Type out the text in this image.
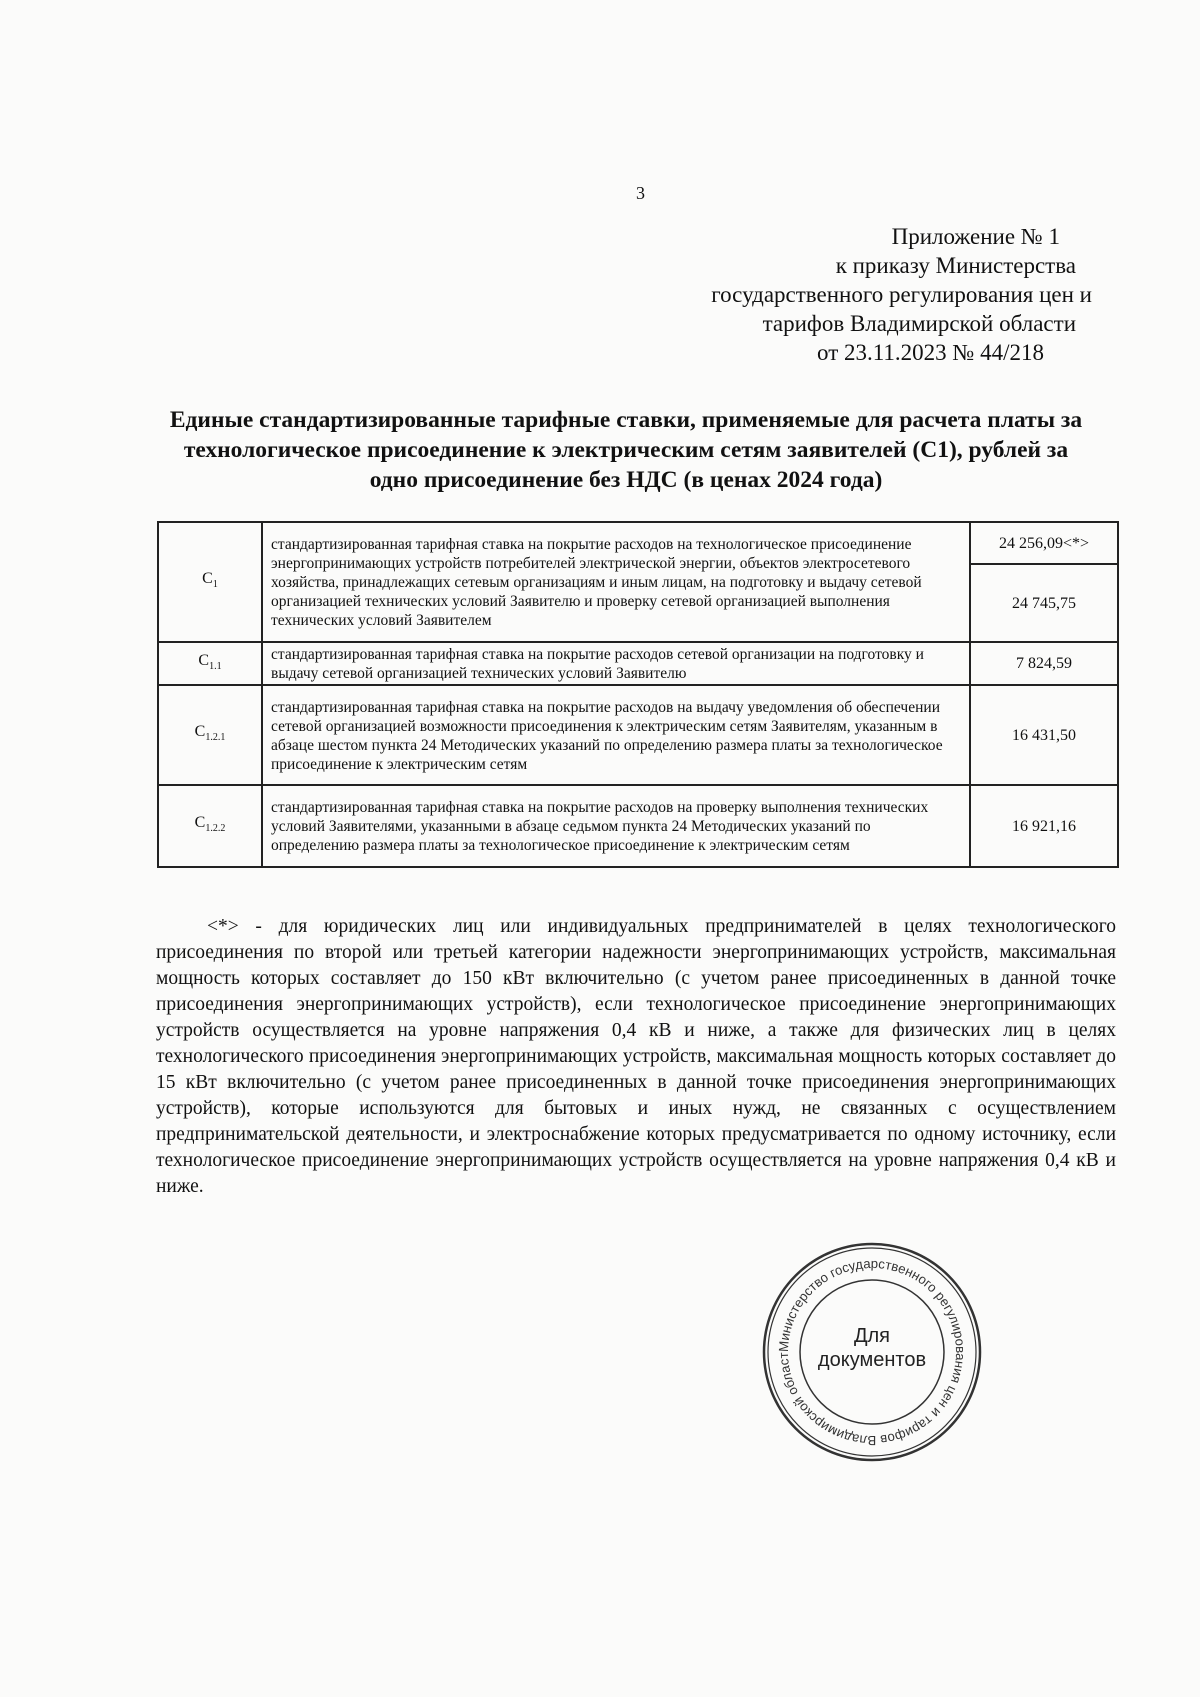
3
Приложение № 1
к приказу Министерства
государственного регулирования цен и
тарифов Владимирской области
от 23.11.2023 № 44/218
Единые стандартизированные тарифные ставки, применяемые для расчета платы за технологическое присоединение к электрическим сетям заявителей (С1), рублей за одно присоединение без НДС (в ценах 2024 года)
$C_1$	стандартизированная тарифная ставка на покрытие расходов на технологическое присоединение энергопринимающих устройств потребителей электрической энергии, объектов электросетевого хозяйства, принадлежащих сетевым организациям и иным лицам, на подготовку и выдачу сетевой организацией технических условий Заявителю и проверку сетевой организацией выполнения технических условий Заявителем	24 256,09<*>
		24 745,75
$C_{1.1}$	стандартизированная тарифная ставка на покрытие расходов сетевой организации на подготовку и выдачу сетевой организацией технических условий Заявителю	7 824,59
$C_{1.2.1}$	стандартизированная тарифная ставка на покрытие расходов на выдачу уведомления об обеспечении сетевой организацией возможности присоединения к электрическим сетям Заявителям, указанным в абзаце шестом пункта 24 Методических указаний по определению размера платы за технологическое присоединение к электрическим сетям	16 431,50
$C_{1.2.2}$	стандартизированная тарифная ставка на покрытие расходов на проверку выполнения технических условий Заявителями, указанными в абзаце седьмом пункта 24 Методических указаний по определению размера платы за технологическое присоединение к электрическим сетям	16 921,16
<*> - для юридических лиц или индивидуальных предпринимателей в целях технологического присоединения по второй или третьей категории надежности энергопринимающих устройств, максимальная мощность которых составляет до 150 кВт включительно (с учетом ранее присоединенных в данной точке присоединения энергопринимающих устройств), если технологическое присоединение энергопринимающих устройств осуществляется на уровне напряжения 0,4 кВ и ниже, а также для физических лиц в целях технологического присоединения энергопринимающих устройств, максимальная мощность которых составляет до 15 кВт включительно (с учетом ранее присоединенных в данной точке присоединения энергопринимающих устройств), которые используются для бытовых и иных нужд, не связанных с осуществлением предпринимательской деятельности, и электроснабжение которых предусматривается по одному источнику, если технологическое присоединение энергопринимающих устройств осуществляется на уровне напряжения 0,4 кВ и ниже.
Министерство государственного регулирования цен и тарифов Владимирской област
Для
документов
